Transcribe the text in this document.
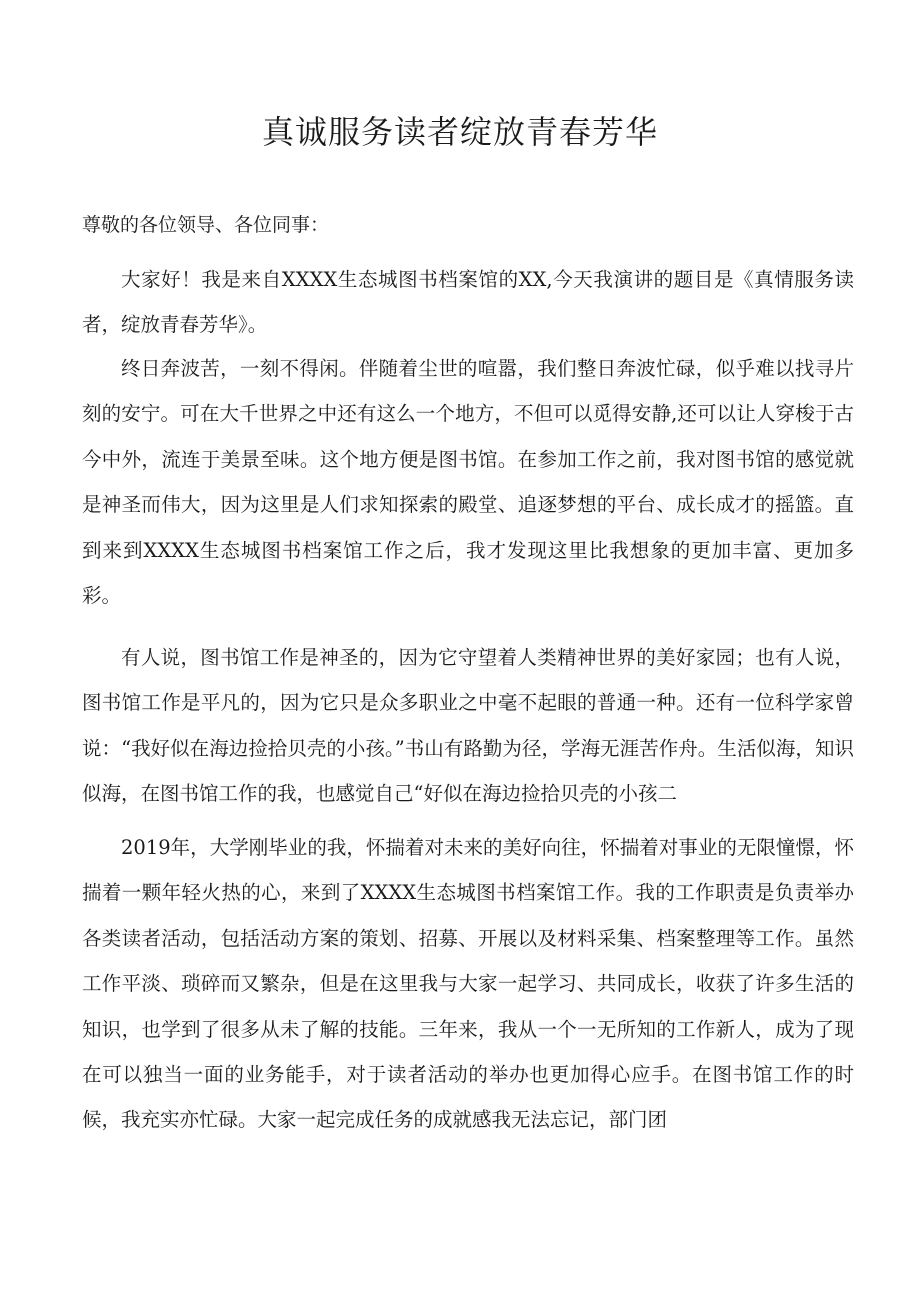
真诚服务读者绽放青春芳华

尊敬的各位领导、各位同事：

大家好！我是来自XXXX生态城图书档案馆的XX,今天我演讲的题目是《真情服务读者，绽放青春芳华》。

终日奔波苦，一刻不得闲。伴随着尘世的喧嚣，我们整日奔波忙碌，似乎难以找寻片刻的安宁。可在大千世界之中还有这么一个地方，不但可以觅得安静,还可以让人穿梭于古今中外，流连于美景至味。这个地方便是图书馆。在参加工作之前，我对图书馆的感觉就是神圣而伟大，因为这里是人们求知探索的殿堂、追逐梦想的平台、成长成才的摇篮。直到来到XXXX生态城图书档案馆工作之后，我才发现这里比我想象的更加丰富、更加多彩。

有人说，图书馆工作是神圣的，因为它守望着人类精神世界的美好家园；也有人说，图书馆工作是平凡的，因为它只是众多职业之中毫不起眼的普通一种。还有一位科学家曾说：“我好似在海边捡拾贝壳的小孩。”书山有路勤为径，学海无涯苦作舟。生活似海，知识似海，在图书馆工作的我，也感觉自己“好似在海边捡拾贝壳的小孩二

2019年，大学刚毕业的我，怀揣着对未来的美好向往，怀揣着对事业的无限憧憬，怀揣着一颗年轻火热的心，来到了XXXX生态城图书档案馆工作。我的工作职责是负责举办各类读者活动，包括活动方案的策划、招募、开展以及材料采集、档案整理等工作。虽然工作平淡、琐碎而又繁杂，但是在这里我与大家一起学习、共同成长，收获了许多生活的知识，也学到了很多从未了解的技能。三年来，我从一个一无所知的工作新人，成为了现在可以独当一面的业务能手，对于读者活动的举办也更加得心应手。在图书馆工作的时候，我充实亦忙碌。大家一起完成任务的成就感我无法忘记，部门团
